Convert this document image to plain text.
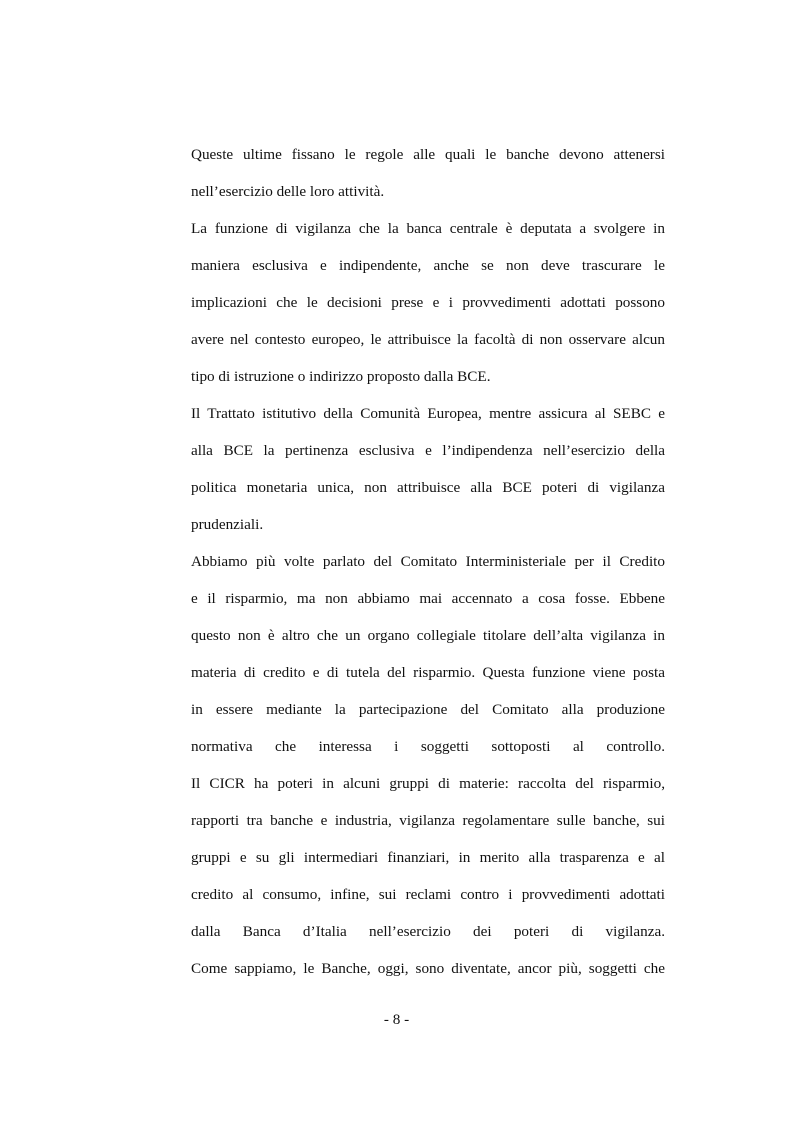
Queste ultime fissano le regole alle quali le banche devono attenersi
nell’esercizio delle loro attività.
La funzione di vigilanza che la banca centrale è deputata a svolgere in
maniera esclusiva e indipendente, anche se non deve trascurare le
implicazioni che le decisioni prese e i provvedimenti adottati possono
avere nel contesto europeo, le attribuisce la facoltà di non osservare alcun
tipo di istruzione o indirizzo proposto dalla BCE.
Il Trattato istitutivo della Comunità Europea, mentre assicura al SEBC e
alla BCE la pertinenza esclusiva e l’indipendenza nell’esercizio della
politica monetaria unica, non attribuisce alla BCE poteri di vigilanza
prudenziali.
Abbiamo più volte parlato del Comitato Interministeriale per il Credito
e il risparmio, ma non abbiamo mai accennato a cosa fosse. Ebbene
questo non è altro che un organo collegiale titolare dell’alta vigilanza in
materia di credito e di tutela del risparmio. Questa funzione viene posta
in essere mediante la partecipazione del Comitato alla produzione
normativa che interessa i soggetti sottoposti al controllo.
Il CICR ha poteri in alcuni gruppi di materie: raccolta del risparmio,
rapporti tra banche e industria, vigilanza regolamentare sulle banche, sui
gruppi e su gli intermediari finanziari, in merito alla trasparenza e al
credito al consumo, infine, sui reclami contro i provvedimenti adottati
dalla Banca d’Italia nell’esercizio dei poteri di vigilanza.
Come sappiamo, le Banche, oggi, sono diventate, ancor più, soggetti che
- 8 -
